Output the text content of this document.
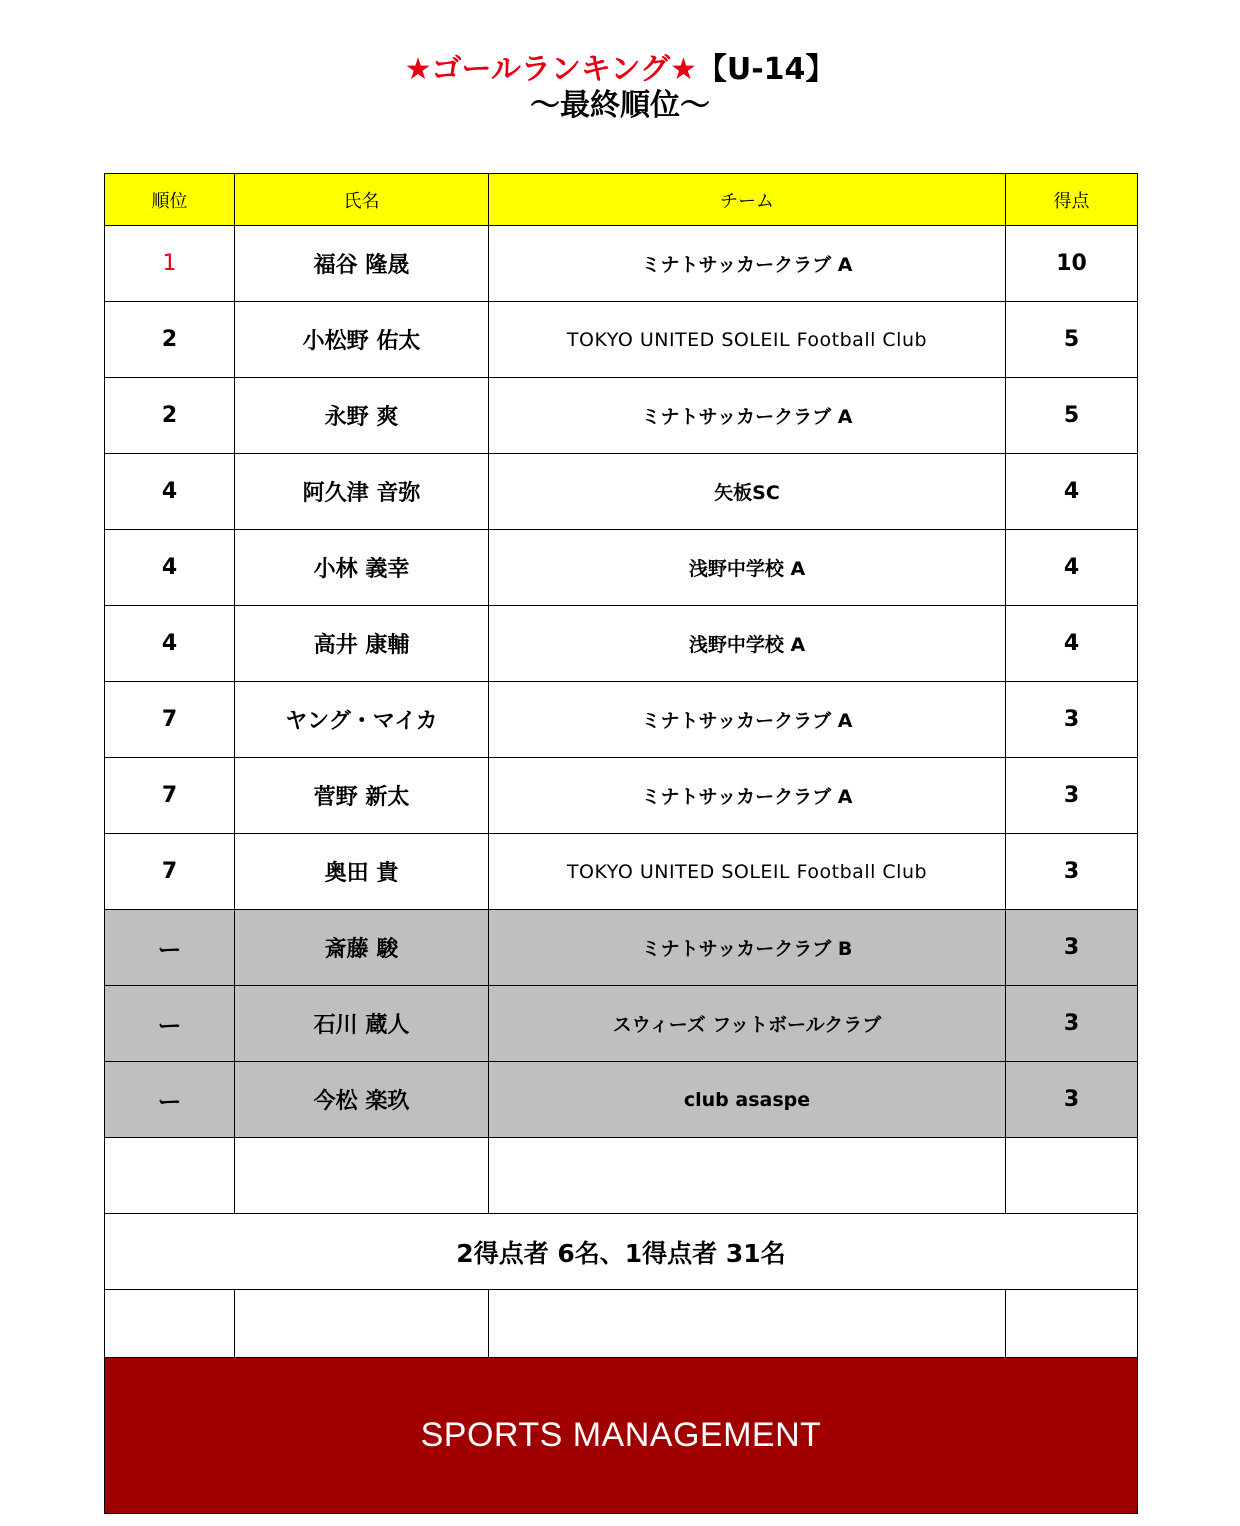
★ゴールランキング★【U-14】
～最終順位～
順位	氏名	チーム	得点
1	福谷 隆晟	ミナトサッカークラブ A	10
2	小松野 佑太	TOKYO UNITED SOLEIL Football Club	5
2	永野 爽	ミナトサッカークラブ A	5
4	阿久津 音弥	矢板SC	4
4	小林 義幸	浅野中学校 A	4
4	高井 康輔	浅野中学校 A	4
7	ヤング・マイカ	ミナトサッカークラブ A	3
7	菅野 新太	ミナトサッカークラブ A	3
7	奥田 貴	TOKYO UNITED SOLEIL Football Club	3
ー	斎藤 駿	ミナトサッカークラブ B	3
ー	石川 蔵人	スウィーズ フットボールクラブ	3
ー	今松 楽玖	club asaspe	3

2得点者 6名、1得点者 31名			

SPORTS MANAGEMENT			
